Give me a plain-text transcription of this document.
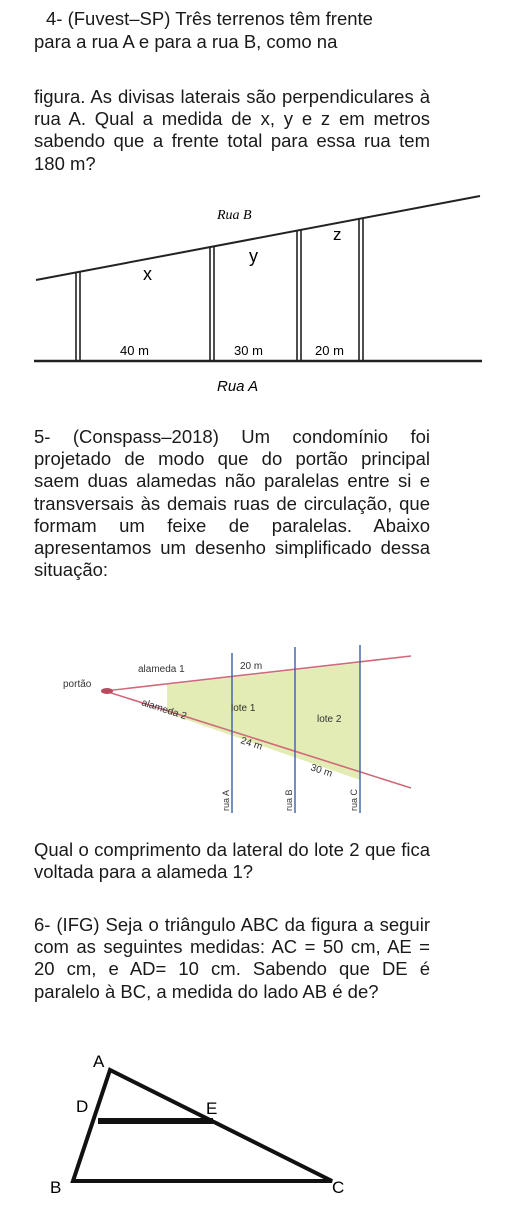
4- (Fuvest–SP) Três terrenos têm frente

para a rua A e para a rua B, como na

figura. As divisas laterais são perpendiculares à rua A. Qual a medida de x, y e z em metros sabendo que a frente total para essa rua tem 180 m?

Rua B
z
y
x
40 m	30 m	20 m
Rua A

5- (Conspass–2018) Um condomínio foi projetado de modo que do portão principal saem duas alamedas não paralelas entre si e transversais às demais ruas de circulação, que formam um feixe de paralelas. Abaixo apresentamos um desenho simplificado dessa situação:

portão
alameda 1	20 m
alameda 2	lote 1
lote 2
24 m
30 m
rua A	rua B	rua C

Qual o comprimento da lateral do lote 2 que fica voltada para a alameda 1?

6- (IFG) Seja o triângulo ABC da figura a seguir com as seguintes medidas: AC = 50 cm, AE = 20 cm, e AD= 10 cm. Sabendo que DE é paralelo à BC, a medida do lado AB é de?

A
D	E
B	C
